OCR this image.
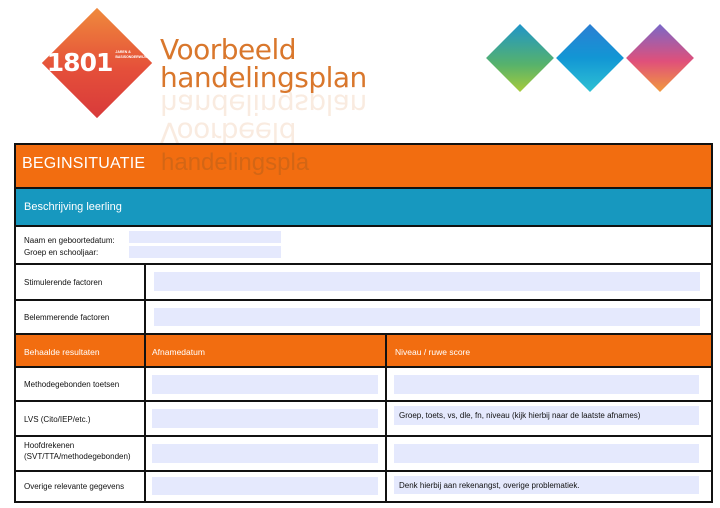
1801 JAREN &
BASISONDERWIJS Voorbeeld
handelingsplan
Voorbeeld
handelingsplan
handelingspla
BEGINSITUATIE
Beschrijving leerling
Naam en geboortedatum:
Groep en schooljaar:
Stimulerende factoren
Belemmerende factoren
Behaalde resultaten	Afnamedatum	Niveau / ruwe score
Methodegebonden toetsen
LVS (Cito/IEP/etc.)
Groep, toets, vs, dle, fn, niveau (kijk hierbij naar de laatste afnames)
Hoofdrekenen
(SVT/TTA/methodegebonden)
Overige relevante gegevens
Denk hierbij aan rekenangst, overige problematiek.
